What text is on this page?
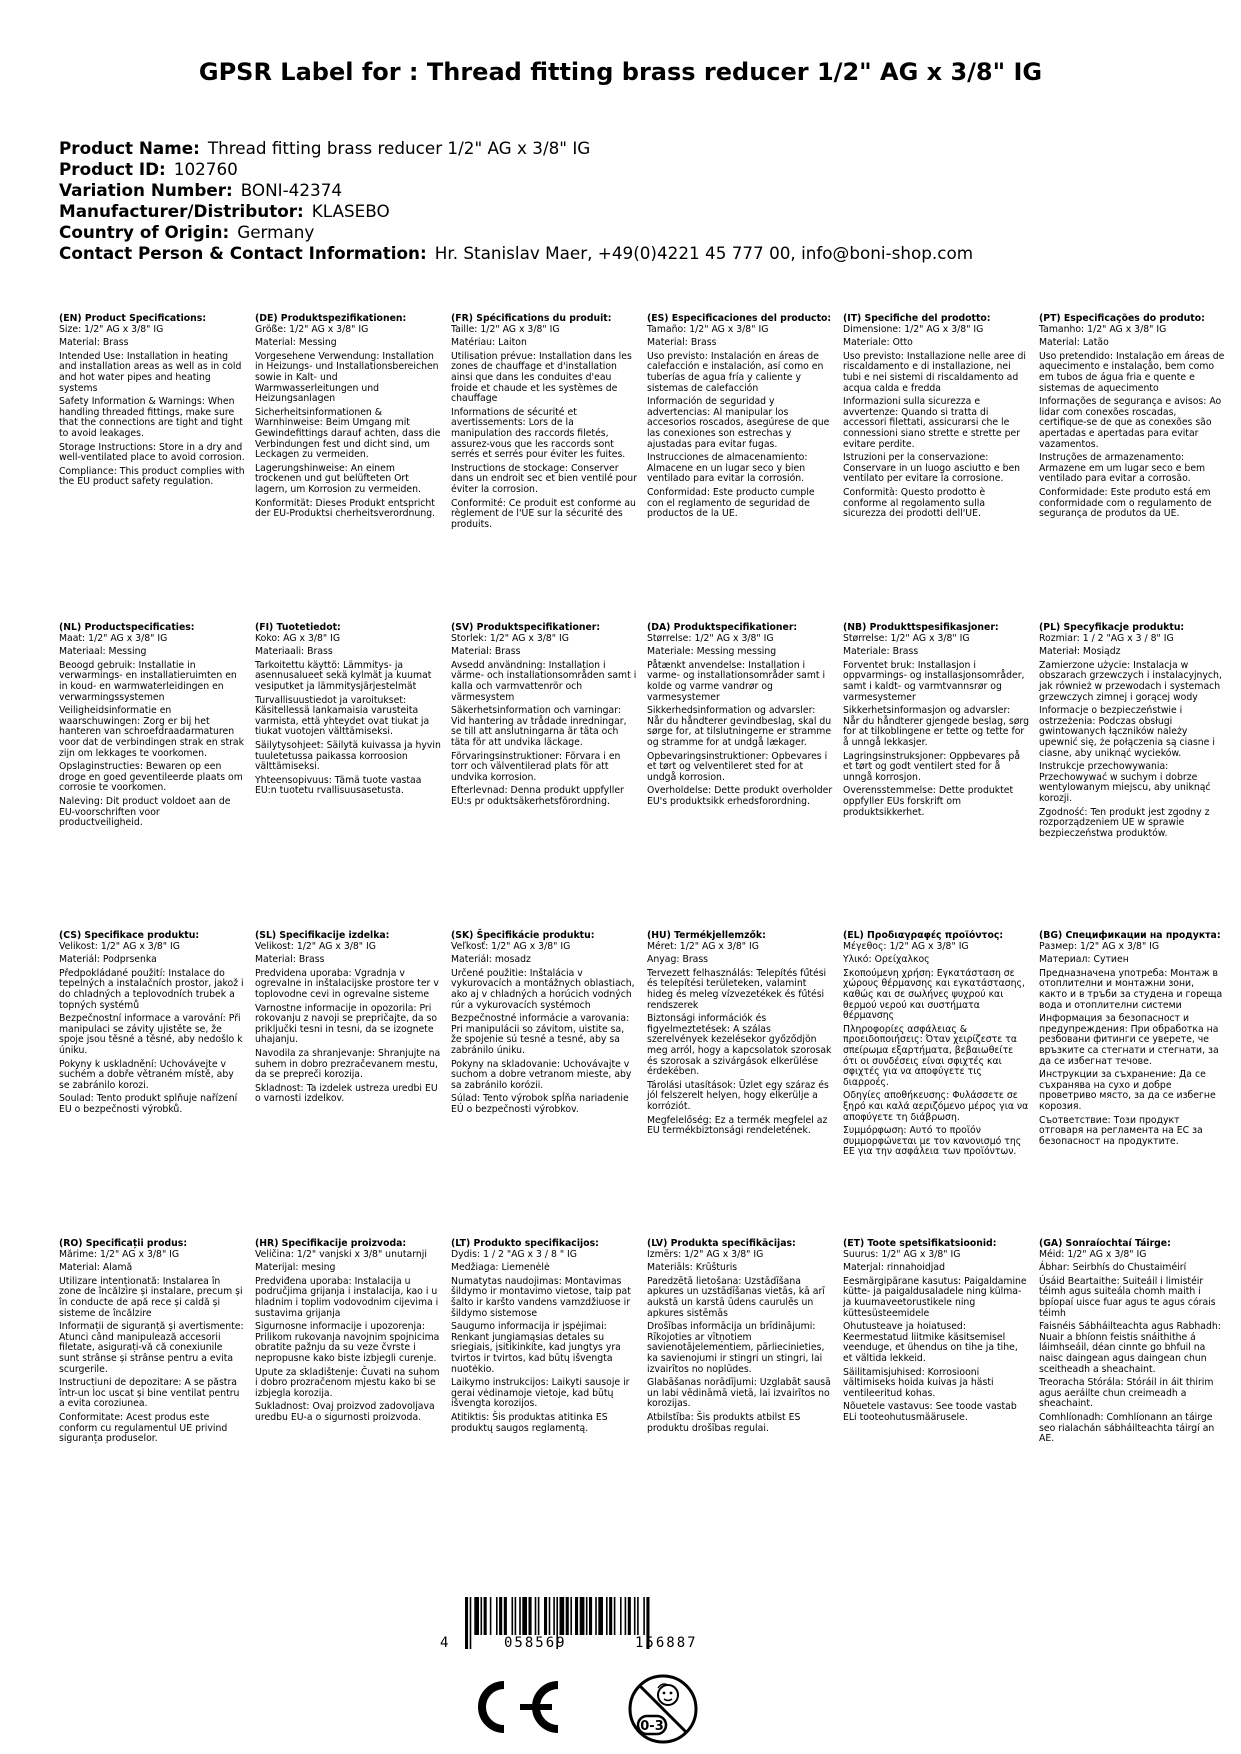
GPSR Label for : Thread fitting brass reducer 1/2" AG x 3/8" IG
Product Name: Thread fitting brass reducer 1/2" AG x 3/8" IG
Product ID: 102760
Variation Number: BONI-42374
Manufacturer/Distributor: KLASEBO
Country of Origin: Germany
Contact Person & Contact Information: Hr. Stanislav Maer, +49(0)4221 45 777 00, info@boni-shop.com
(EN) Product Specifications:

Size: 1/2" AG x 3/8" IG

Material: Brass

Intended Use: Installation in heating and installation areas as well as in cold and hot water pipes and heating systems

Safety Information & Warnings: When handling threaded fittings, make sure that the connections are tight and tight to avoid leakages.

Storage Instructions: Store in a dry and well-ventilated place to avoid corrosion.

Compliance: This product complies with the EU product safety regulation.

(DE) Produktspezifikationen:

Größe: 1/2" AG x 3/8" IG

Material: Messing

Vorgesehene Verwendung: Installation in Heizungs- und Installationsbereichen sowie in Kalt- und Warmwasserleitungen und Heizungsanlagen

Sicherheitsinformationen & Warnhinweise: Beim Umgang mit Gewindefittings darauf achten, dass die Verbindungen fest und dicht sind, um Leckagen zu vermeiden.

Lagerungshinweise: An einem trockenen und gut belüfteten Ort lagern, um Korrosion zu vermeiden.

Konformität: Dieses Produkt entspricht der EU-Produktsi cherheitsverordnung.

(FR) Spécifications du produit:

Taille: 1/2" AG x 3/8" IG

Matériau: Laiton

Utilisation prévue: Installation dans les zones de chauffage et d'installation ainsi que dans les conduites d'eau froide et chaude et les systèmes de chauffage

Informations de sécurité et avertissements: Lors de la manipulation des raccords filetés, assurez-vous que les raccords sont serrés et serrés pour éviter les fuites.

Instructions de stockage: Conserver dans un endroit sec et bien ventilé pour éviter la corrosion.

Conformité: Ce produit est conforme au règlement de l'UE sur la sécurité des produits.

(ES) Especificaciones del producto:

Tamaño: 1/2" AG x 3/8" IG

Material: Brass

Uso previsto: Instalación en áreas de calefacción e instalación, así como en tuberías de agua fría y caliente y sistemas de calefacción

Información de seguridad y advertencias: Al manipular los accesorios roscados, asegúrese de que las conexiones son estrechas y ajustadas para evitar fugas.

Instrucciones de almacenamiento: Almacene en un lugar seco y bien ventilado para evitar la corrosión.

Conformidad: Este producto cumple con el reglamento de seguridad de productos de la UE.

(IT) Specifiche del prodotto:

Dimensione: 1/2" AG x 3/8" IG

Materiale: Otto

Uso previsto: Installazione nelle aree di riscaldamento e di installazione, nei tubi e nei sistemi di riscaldamento ad acqua calda e fredda

Informazioni sulla sicurezza e avvertenze: Quando si tratta di accessori filettati, assicurarsi che le connessioni siano strette e strette per evitare perdite.

Istruzioni per la conservazione: Conservare in un luogo asciutto e ben ventilato per evitare la corrosione.

Conformità: Questo prodotto è conforme al regolamento sulla sicurezza dei prodotti dell'UE.

(PT) Especificações do produto:

Tamanho: 1/2" AG x 3/8" IG

Material: Latão

Uso pretendido: Instalação em áreas de aquecimento e instalação, bem como em tubos de água fria e quente e sistemas de aquecimento

Informações de segurança e avisos: Ao lidar com conexões roscadas, certifique-se de que as conexões são apertadas e apertadas para evitar vazamentos.

Instruções de armazenamento: Armazene em um lugar seco e bem ventilado para evitar a corrosão.

Conformidade: Este produto está em conformidade com o regulamento de segurança de produtos da UE.

(NL) Productspecificaties:

Maat: 1/2" AG x 3/8" IG

Materiaal: Messing

Beoogd gebruik: Installatie in verwarmings- en installatieruimten en in koud- en warmwaterleidingen en verwarmingssystemen

Veiligheidsinformatie en waarschuwingen: Zorg er bij het hanteren van schroefdraadarmaturen voor dat de verbindingen strak en strak zijn om lekkages te voorkomen.

Opslaginstructies: Bewaren op een droge en goed geventileerde plaats om corrosie te voorkomen.

Naleving: Dit product voldoet aan de EU-voorschriften voor productveiligheid.

(FI) Tuotetiedot:

Koko: AG x 3/8" IG

Materiaali: Brass

Tarkoitettu käyttö: Lämmitys- ja asennusalueet sekä kylmät ja kuumat vesiputket ja lämmitysjärjestelmät

Turvallisuustiedot ja varoitukset: Käsitellessä lankamaisia varusteita varmista, että yhteydet ovat tiukat ja tiukat vuotojen välttämiseksi.

Säilytysohjeet: Säilytä kuivassa ja hyvin tuuletetussa paikassa korroosion välttämiseksi.

Yhteensopivuus: Tämä tuote vastaa EU:n tuotetu rvallisuusasetusta.

(SV) Produktspecifikationer:

Storlek: 1/2" AG x 3/8" IG

Material: Brass

Avsedd användning: Installation i värme- och installationsområden samt i kalla och varmvattenrör och värmesystem

Säkerhetsinformation och varningar: Vid hantering av trådade inredningar, se till att anslutningarna är täta och täta för att undvika läckage.

Förvaringsinstruktioner: Förvara i en torr och välventilerad plats för att undvika korrosion.

Efterlevnad: Denna produkt uppfyller EU:s pr oduktsäkerhetsförordning.

(DA) Produktspecifikationer:

Størrelse: 1/2" AG x 3/8" IG

Materiale: Messing messing

Påtænkt anvendelse: Installation i varme- og installationsområder samt i kolde og varme vandrør og varmesystemer

Sikkerhedsinformation og advarsler: Når du håndterer gevindbeslag, skal du sørge for, at tilslutningerne er stramme og stramme for at undgå lækager.

Opbevaringsinstruktioner: Opbevares i et tørt og velventileret sted for at undgå korrosion.

Overholdelse: Dette produkt overholder EU's produktsikk erhedsforordning.

(NB) Produkttspesifikasjoner:

Størrelse: 1/2" AG x 3/8" IG

Materiale: Brass

Forventet bruk: Installasjon i oppvarmings- og installasjonsområder, samt i kaldt- og varmtvannsrør og varmesystemer

Sikkerhetsinformasjon og advarsler: Når du håndterer gjengede beslag, sørg for at tilkoblingene er tette og tette for å unngå lekkasjer.

Lagringsinstruksjoner: Oppbevares på et tørt og godt ventilert sted for å unngå korrosjon.

Overensstemmelse: Dette produktet oppfyller EUs forskrift om produktsikkerhet.

(PL) Specyfikacje produktu:

Rozmiar: 1 / 2 "AG x 3 / 8" IG

Materiał: Mosiądz

Zamierzone użycie: Instalacja w obszarach grzewczych i instalacyjnych, jak również w przewodach i systemach grzewczych zimnej i gorącej wody

Informacje o bezpieczeństwie i ostrzeżenia: Podczas obsługi gwintowanych łączników należy upewnić się, że połączenia są ciasne i ciasne, aby uniknąć wycieków.

Instrukcje przechowywania: Przechowywać w suchym i dobrze wentylowanym miejscu, aby uniknąć korozji.

Zgodność: Ten produkt jest zgodny z rozporządzeniem UE w sprawie bezpieczeństwa produktów.

(CS) Specifikace produktu:

Velikost: 1/2" AG x 3/8" IG

Materiál: Podprsenka

Předpokládané použití: Instalace do tepelných a instalačních prostor, jakož i do chladných a teplovodních trubek a topných systémů

Bezpečnostní informace a varování: Při manipulaci se závity ujistěte se, že spoje jsou těsné a těsné, aby nedošlo k úniku.

Pokyny k uskladnění: Uchovávejte v suchém a dobře větraném místě, aby se zabránilo korozi.

Soulad: Tento produkt splňuje nařízení EU o bezpečnosti výrobků.

(SL) Specifikacije izdelka:

Velikost: 1/2" AG x 3/8" IG

Material: Brass

Predvidena uporaba: Vgradnja v ogrevalne in inštalacijske prostore ter v toplovodne cevi in ogrevalne sisteme

Varnostne informacije in opozorila: Pri rokovanju z navoji se prepričajte, da so priključki tesni in tesni, da se izognete uhajanju.

Navodila za shranjevanje: Shranjujte na suhem in dobro prezračevanem mestu, da se prepreči korozija.

Skladnost: Ta izdelek ustreza uredbi EU o varnosti izdelkov.

(SK) Špecifikácie produktu:

Veľkosť: 1/2" AG x 3/8" IG

Materiál: mosadz

Určené použitie: Inštalácia v vykurovacích a montážnych oblastiach, ako aj v chladných a horúcich vodných rúr a vykurovacích systémoch

Bezpečnostné informácie a varovania: Pri manipulácii so závitom, uistite sa, že spojenie sú tesné a tesné, aby sa zabránilo úniku.

Pokyny na skladovanie: Uchovávajte v suchom a dobre vetranom mieste, aby sa zabránilo korózii.

Súlad: Tento výrobok spĺňa nariadenie EÚ o bezpečnosti výrobkov.

(HU) Termékjellemzők:

Méret: 1/2" AG x 3/8" IG

Anyag: Brass

Tervezett felhasználás: Telepítés fűtési és telepítési területeken, valamint hideg és meleg vízvezetékek és fűtési rendszerek

Biztonsági információk és figyelmeztetések: A szálas szerelvények kezelésekor győződjön meg arról, hogy a kapcsolatok szorosak és szorosak a szivárgások elkerülése érdekében.

Tárolási utasítások: Üzlet egy száraz és jól felszerelt helyen, hogy elkerülje a korróziót.

Megfelelőség: Ez a termék megfelel az EU termékbiztonsági rendeletének.

(EL) Προδιαγραφές προϊόντος:

Μέγεθος: 1/2" AG x 3/8" IG

Υλικό: Ορείχαλκος

Σκοπούμενη χρήση: Εγκατάσταση σε χώρους θέρμανσης και εγκατάστασης, καθώς και σε σωλήνες ψυχρού και θερμού νερού και συστήματα θέρμανσης

Πληροφορίες ασφάλειας & προειδοποιήσεις: Όταν χειρίζεστε τα σπείρωμα εξαρτήματα, βεβαιωθείτε ότι οι συνδέσεις είναι σφιχτές και σφιχτές για να αποφύγετε τις διαρροές.

Οδηγίες αποθήκευσης: Φυλάσσετε σε ξηρό και καλά αεριζόμενο μέρος για να αποφύγετε τη διάβρωση.

Συμμόρφωση: Αυτό το προϊόν συμμορφώνεται με τον κανονισμό της ΕΕ για την ασφάλεια των προϊόντων.

(BG) Спецификации на продукта:

Размер: 1/2" AG x 3/8" IG

Материал: Сутиен

Предназначена употреба: Монтаж в отоплителни и монтажни зони, както и в тръби за студена и гореща вода и отоплителни системи

Информация за безопасност и предупреждения: При обработка на резбовани фитинги се уверете, че връзките са стегнати и стегнати, за да се избегнат течове.

Инструкции за съхранение: Да се съхранява на сухо и добре проветриво място, за да се избегне корозия.

Съответствие: Този продукт отговаря на регламента на ЕС за безопасност на продуктите.

(RO) Specificații produs:

Mărime: 1/2" AG x 3/8" IG

Material: Alamă

Utilizare intenționată: Instalarea în zone de încălzire și instalare, precum și în conducte de apă rece și caldă și sisteme de încălzire

Informații de siguranță și avertismente: Atunci când manipulează accesorii filetate, asigurați-vă că conexiunile sunt strânse și strânse pentru a evita scurgerile.

Instrucțiuni de depozitare: A se păstra într-un loc uscat și bine ventilat pentru a evita coroziunea.

Conformitate: Acest produs este conform cu regulamentul UE privind siguranța produselor.

(HR) Specifikacije proizvoda:

Veličina: 1/2" vanjski x 3/8" unutarnji

Materijal: mesing

Predviđena uporaba: Instalacija u područjima grijanja i instalacija, kao i u hladnim i toplim vodovodnim cijevima i sustavima grijanja

Sigurnosne informacije i upozorenja: Prilikom rukovanja navojnim spojnicima obratite pažnju da su veze čvrste i nepropusne kako biste izbjegli curenje.

Upute za skladištenje: Čuvati na suhom i dobro prozračenom mjestu kako bi se izbjegla korozija.

Sukladnost: Ovaj proizvod zadovoljava uredbu EU-a o sigurnosti proizvoda.

(LT) Produkto specifikacijos:

Dydis: 1 / 2 "AG x 3 / 8 " IG

Medžiaga: Liemenėlė

Numatytas naudojimas: Montavimas šildymo ir montavimo vietose, taip pat šalto ir karšto vandens vamzdžiuose ir šildymo sistemose

Saugumo informacija ir įspėjimai: Renkant jungiamąsias detales su sriegiais, įsitikinkite, kad jungtys yra tvirtos ir tvirtos, kad būtų išvengta nuotėkio.

Laikymo instrukcijos: Laikyti sausoje ir gerai vėdinamoje vietoje, kad būtų išvengta korozijos.

Atitiktis: Šis produktas atitinka ES produktų saugos reglamentą.

(LV) Produkta specifikācijas:

Izmērs: 1/2" AG x 3/8" IG

Materiāls: Krūšturis

Paredzētā lietošana: Uzstādīšana apkures un uzstādīšanas vietās, kā arī aukstā un karstā ūdens caurulēs un apkures sistēmās

Drošības informācija un brīdinājumi: Rīkojoties ar vītņotiem savienotājelementiem, pārliecinieties, ka savienojumi ir stingri un stingri, lai izvairītos no noplūdes.

Glabāšanas norādījumi: Uzglabāt sausā un labi vēdināmā vietā, lai izvairītos no korozijas.

Atbilstība: Šis produkts atbilst ES produktu drošības regulai.

(ET) Toote spetsifikatsioonid:

Suurus: 1/2" AG x 3/8" IG

Materjal: rinnahoidjad

Eesmärgipärane kasutus: Paigaldamine kütte- ja paigaldusaladele ning külma- ja kuumaveetorustikele ning küttesüsteemidele

Ohutusteave ja hoiatused: Keermestatud liitmike käsitsemisel veenduge, et ühendus on tihe ja tihe, et vältida lekkeid.

Säilitamisjuhised: Korrosiooni vältimiseks hoida kuivas ja hästi ventileeritud kohas.

Nõuetele vastavus: See toode vastab ELi tooteohutusmäärusele.

(GA) Sonraíochtaí Táirge:

Méid: 1/2" AG x 3/8" IG

Ábhar: Seirbhís do Chustaiméirí

Úsáid Beartaithe: Suiteáil i limistéir téimh agus suiteála chomh maith i bpíopaí uisce fuar agus te agus córais téimh

Faisnéis Sábháilteachta agus Rabhadh: Nuair a bhíonn feistis snáithithe á láimhseáil, déan cinnte go bhfuil na naisc daingean agus daingean chun sceitheadh a sheachaint.

Treoracha Stórála: Stóráil in áit thirim agus aeráilte chun creimeadh a sheachaint.

Comhlíonadh: Comhlíonann an táirge seo rialachán sábháilteachta táirgí an AE.

4	058569	156887
0-3
